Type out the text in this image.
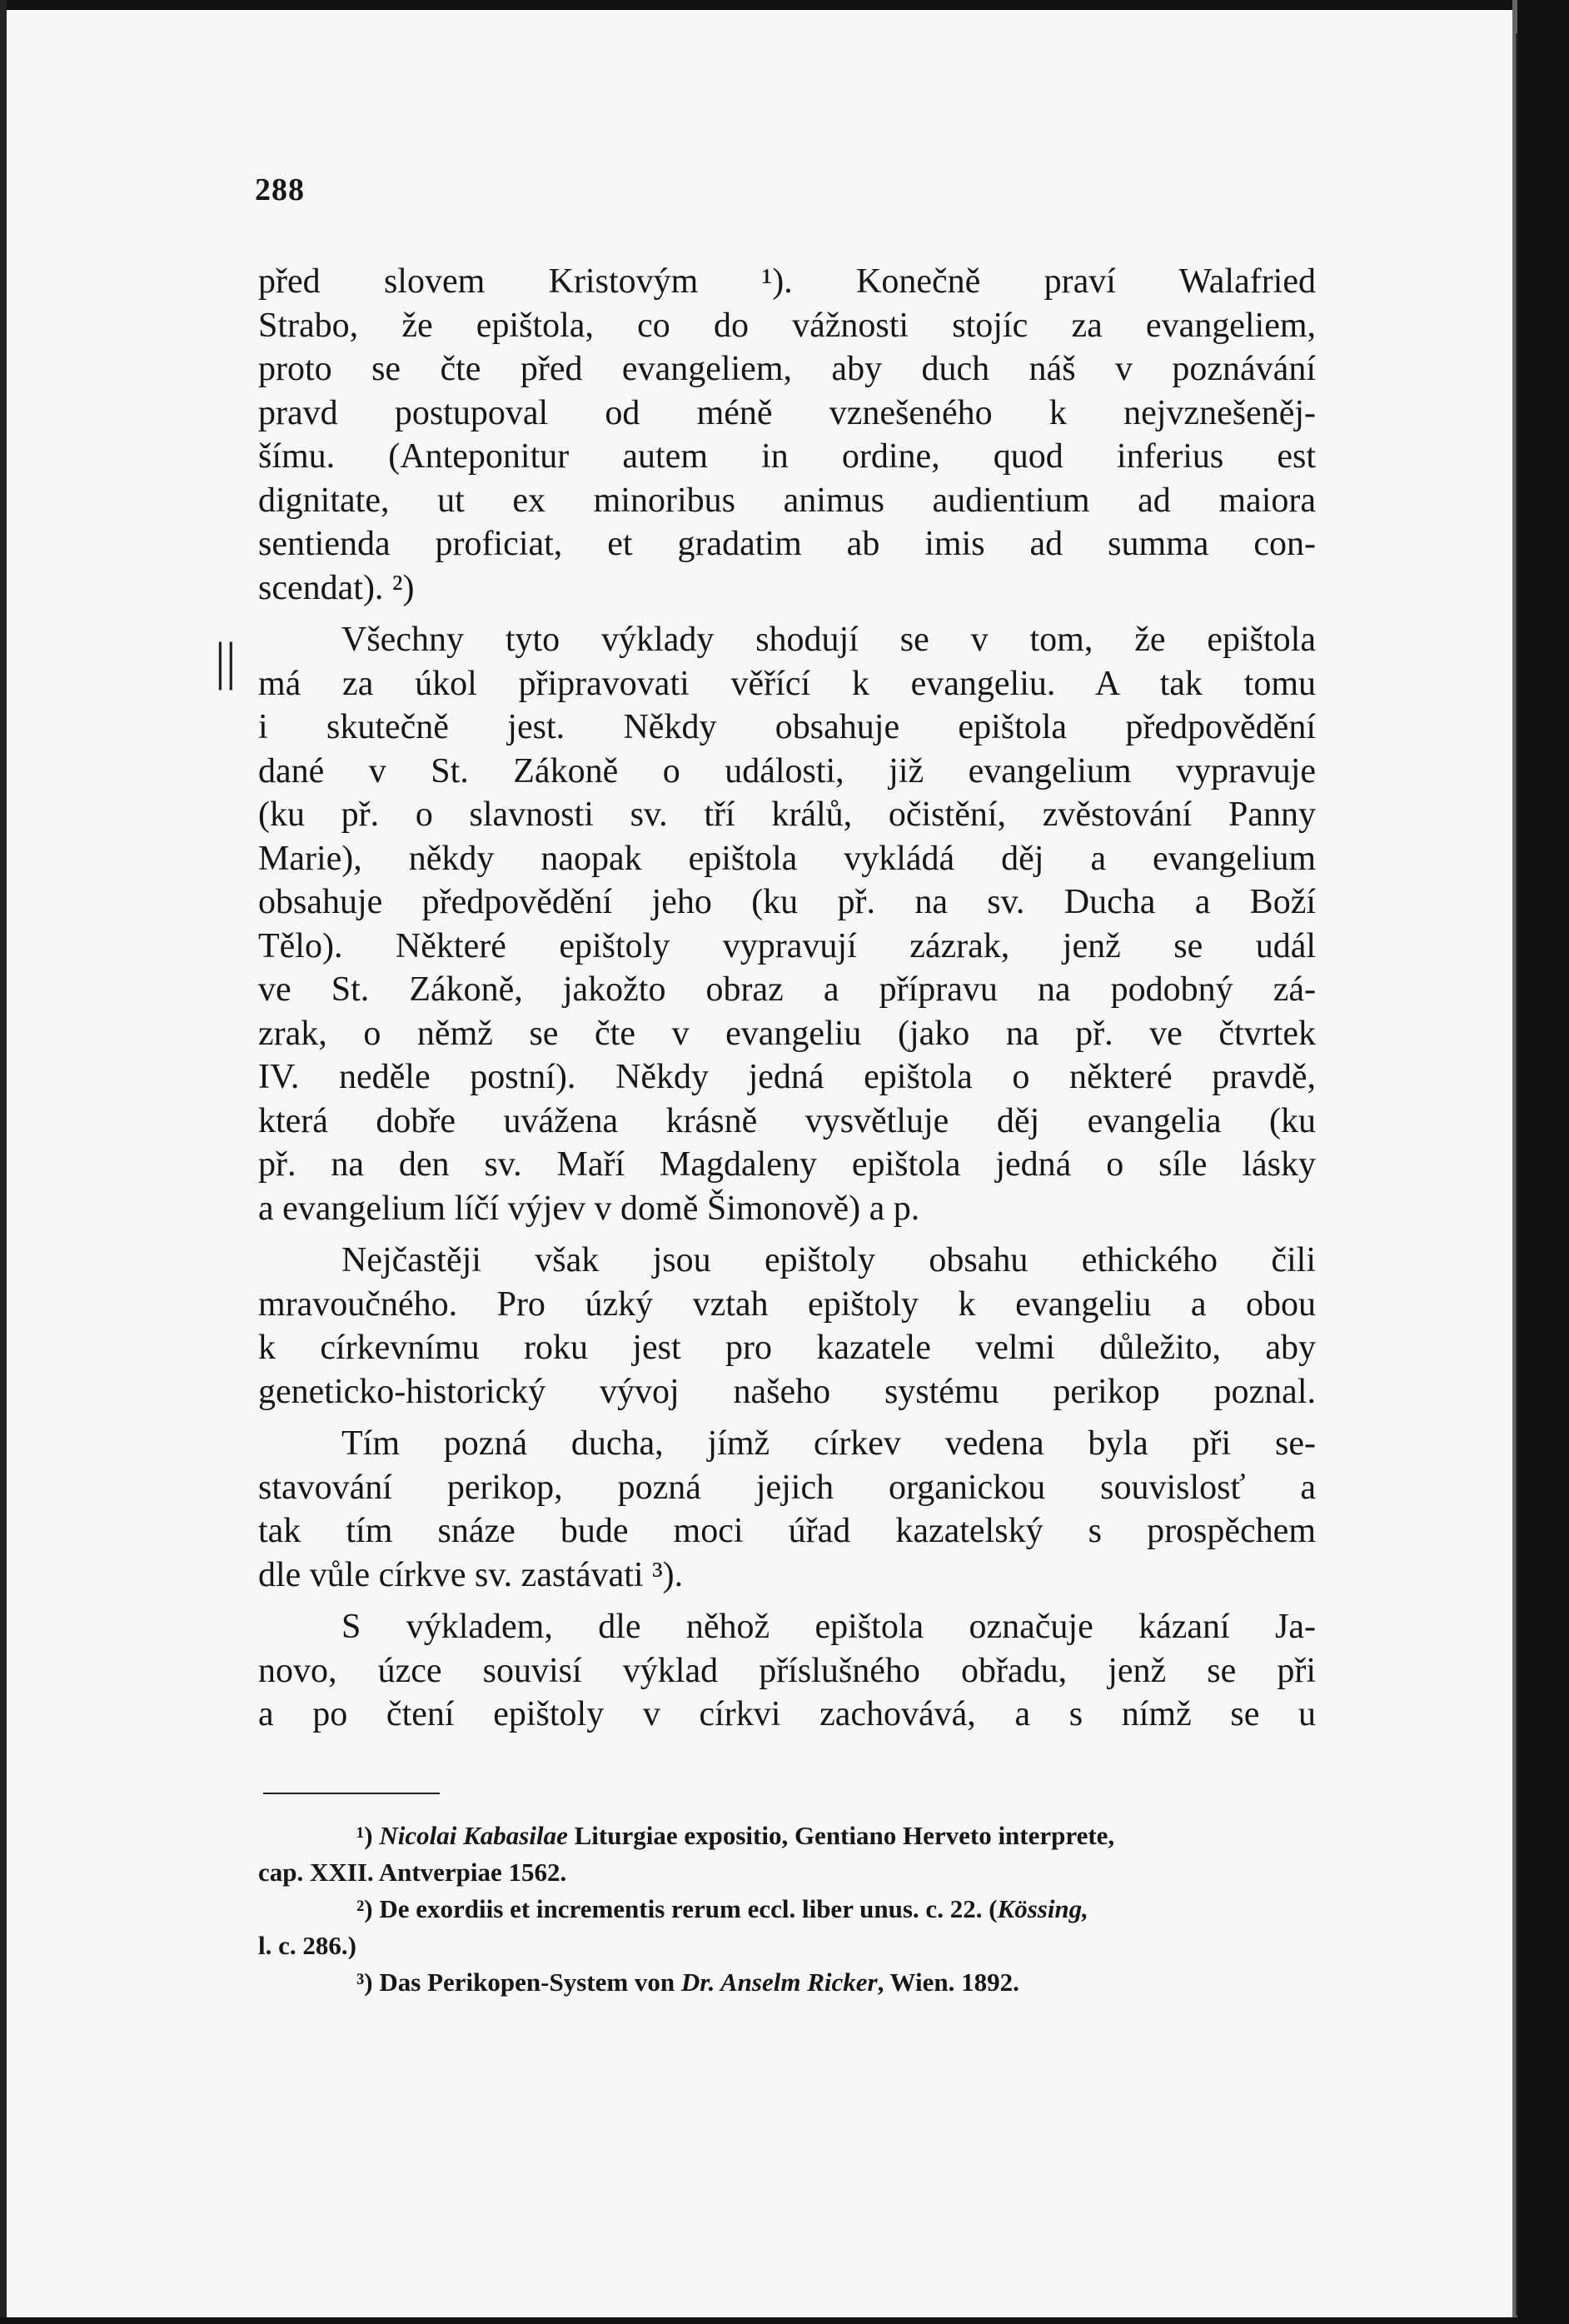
288
||
před slovem Kristovým ¹). Konečně praví Walafried
Strabo, že epištola, co do vážnosti stojíc za evangeliem,
proto se čte před evangeliem, aby duch náš v poznávání
pravd postupoval od méně vznešeného k nejvznešeněj-
šímu. (Anteponitur autem in ordine, quod inferius est
dignitate, ut ex minoribus animus audientium ad maiora
sentienda proficiat, et gradatim ab imis ad summa con-
scendat). ²)
Všechny tyto výklady shodují se v tom, že epištola
má za úkol připravovati věřící k evangeliu. A tak tomu
i skutečně jest. Někdy obsahuje epištola předpovědění
dané v St. Zákoně o události, již evangelium vypravuje
(ku př. o slavnosti sv. tří králů, očistění, zvěstování Panny
Marie), někdy naopak epištola vykládá děj a evangelium
obsahuje předpovědění jeho (ku př. na sv. Ducha a Boží
Tělo). Některé epištoly vypravují zázrak, jenž se udál
ve St. Zákoně, jakožto obraz a přípravu na podobný zá-
zrak, o němž se čte v evangeliu (jako na př. ve čtvrtek
IV. neděle postní). Někdy jedná epištola o některé pravdě,
která dobře uvážena krásně vysvětluje děj evangelia (ku
př. na den sv. Maří Magdaleny epištola jedná o síle lásky
a evangelium líčí výjev v domě Šimonově) a p.
Nejčastěji však jsou epištoly obsahu ethického čili
mravoučného. Pro úzký vztah epištoly k evangeliu a obou
k církevnímu roku jest pro kazatele velmi důležito, aby
geneticko-historický vývoj našeho systému perikop poznal.
Tím pozná ducha, jímž církev vedena byla při se-
stavování perikop, pozná jejich organickou souvislosť a
tak tím snáze bude moci úřad kazatelský s prospěchem
dle vůle církve sv. zastávati ³).
S výkladem, dle něhož epištola označuje kázaní Ja-
novo, úzce souvisí výklad příslušného obřadu, jenž se při
a po čtení epištoly v církvi zachovává, a s nímž se u
¹) Nicolai Kabasilae Liturgiae expositio, Gentiano Herveto interprete,
cap. XXII. Antverpiae 1562.
²) De exordiis et incrementis rerum eccl. liber unus. c. 22. (Kössing,
l. c. 286.)
³) Das Perikopen-System von Dr. Anselm Ricker, Wien. 1892.
